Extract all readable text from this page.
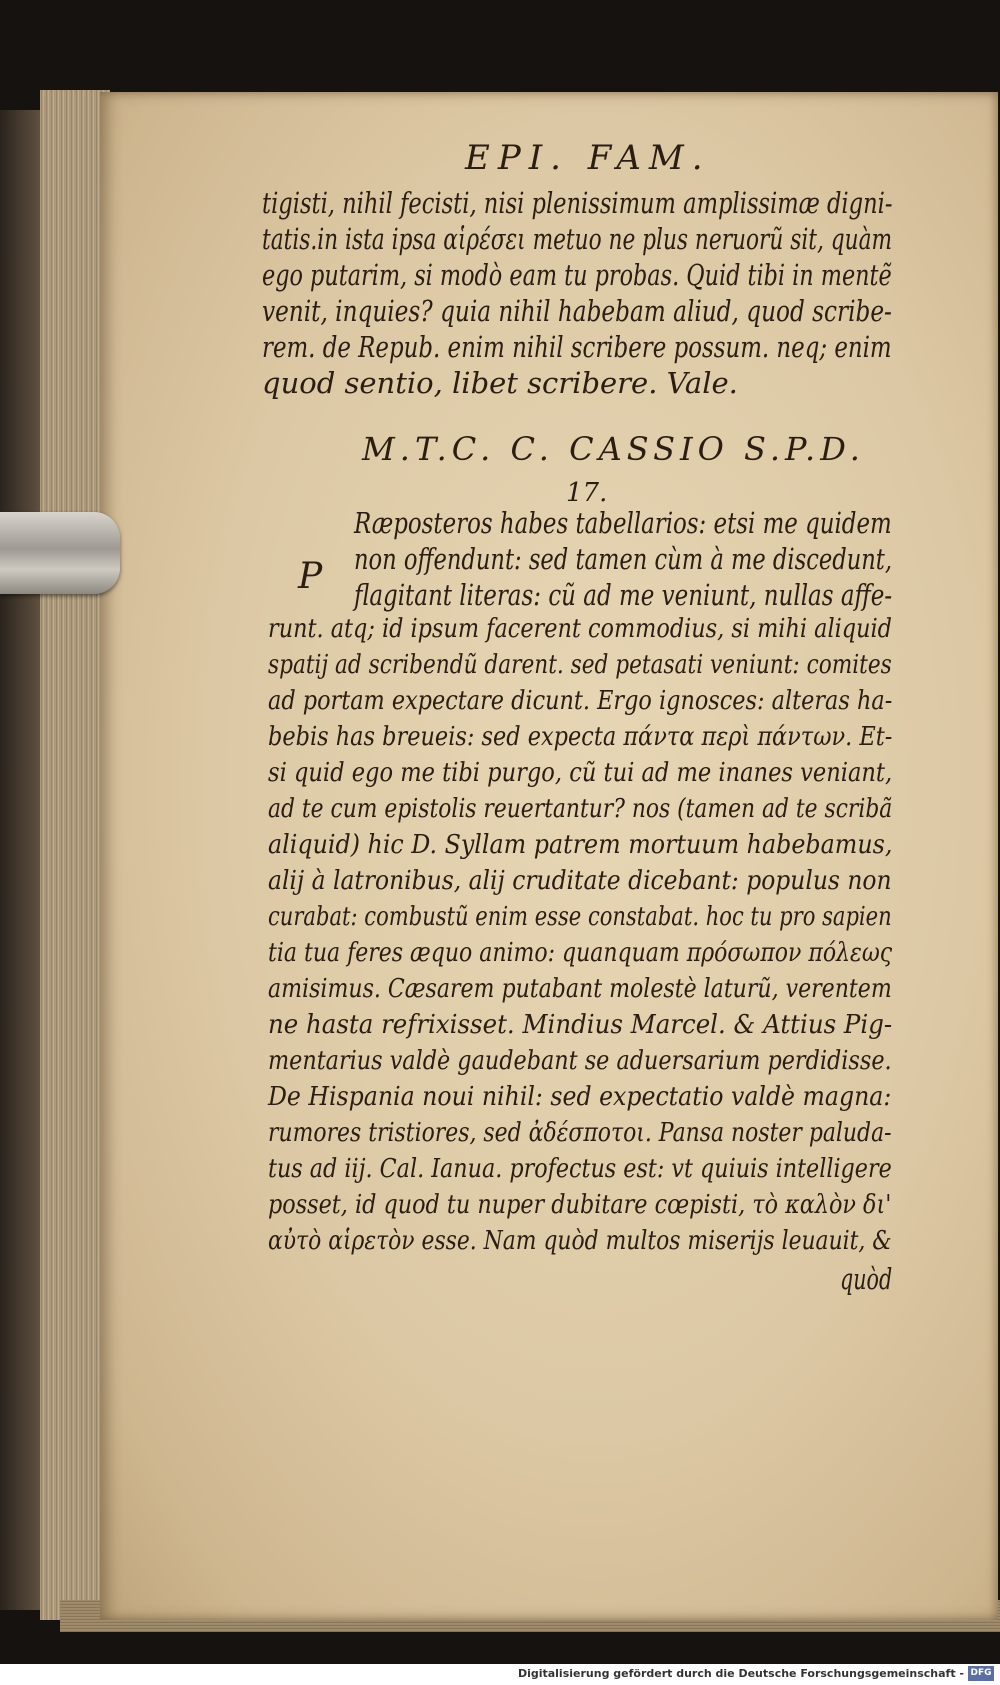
EPI. FAM.
tigisti, nihil fecisti, nisi plenissimum amplissimæ digni-
tatis.in ista ipsa αἱρέσει metuo ne plus neruorũ sit, quàm
ego putarim, si modò eam tu probas. Quid tibi in mentẽ
venit, inquies? quia nihil habebam aliud, quod scribe-
rem. de Repub. enim nihil scribere possum. neq; enim
quod sentio, libet scribere. Vale.
M.T.C. C. CASSIO S.P.D.
17.
P
Ræposteros habes tabellarios: etsi me quidem
non offendunt: sed tamen cùm à me discedunt,
flagitant literas: cũ ad me veniunt, nullas affe-
runt. atq; id ipsum facerent commodius, si mihi aliquid
spatij ad scribendũ darent. sed petasati veniunt: comites
ad portam expectare dicunt. Ergo ignosces: alteras ha-
bebis has breueis: sed expecta πάντα περὶ πάντων. Et-
si quid ego me tibi purgo, cũ tui ad me inanes veniant,
ad te cum epistolis reuertantur? nos (tamen ad te scribã
aliquid) hic D. Syllam patrem mortuum habebamus,
alij à latronibus, alij cruditate dicebant: populus non
curabat: combustũ enim esse constabat. hoc tu pro sapien
tia tua feres æquo animo: quanquam πρόσωπον πόλεως
amisimus. Cæsarem putabant molestè laturũ, verentem
ne hasta refrixisset. Mindius Marcel. & Attius Pig-
mentarius valdè gaudebant se aduersarium perdidisse.
De Hispania noui nihil: sed expectatio valdè magna:
rumores tristiores, sed ἀδέσποτοι. Pansa noster paluda-
tus ad iij. Cal. Ianua. profectus est: vt quiuis intelligere
posset, id quod tu nuper dubitare cœpisti, τὸ καλὸν δι'
αὐτὸ αἱρετὸν esse. Nam quòd multos miserijs leuauit, &
quòd
Digitalisierung gefördert durch die Deutsche Forschungsgemeinschaft - DFG
